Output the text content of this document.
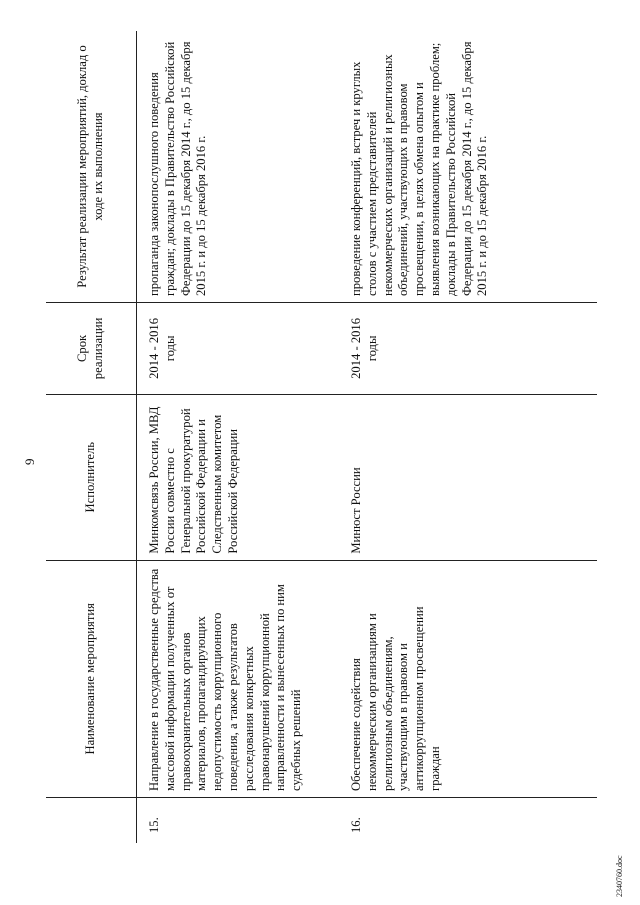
9
	Наименование мероприятия	Исполнитель	Срок реализации	Результат реализации мероприятий, доклад о ходе их выполнения
15.	Направление в государственные средства массовой информации полученных от правоохранительных органов материалов, пропагандирующих недопустимость коррупционного поведения, а также результатов расследования конкретных правонарушений коррупционной направленности и вынесенных по ним судебных решений	Минкомсвязь России, МВД России совместно с Генеральной прокуратурой Российской Федерации и Следственным комитетом Российской Федерации	2014 - 2016 годы	пропаганда законопослушного поведения граждан; доклады в Правительство Российской Федерации до 15 декабря 2014 г., до 15 декабря 2015 г. и до 15 декабря 2016 г.
16.	Обеспечение содействия некоммерческим организациям и религиозным объединениям, участвующим в правовом и антикоррупционном просвещении граждан	Минюст России	2014 - 2016 годы	проведение конференций, встреч и круглых столов с участием представителей некоммерческих организаций и религиозных объединений, участвующих в правовом просвещении, в целях обмена опытом и выявления возникающих на практике проблем; доклады в Правительство Российской Федерации до 15 декабря 2014 г., до 15 декабря 2015 г. и до 15 декабря 2016 г.
2340760.doc
